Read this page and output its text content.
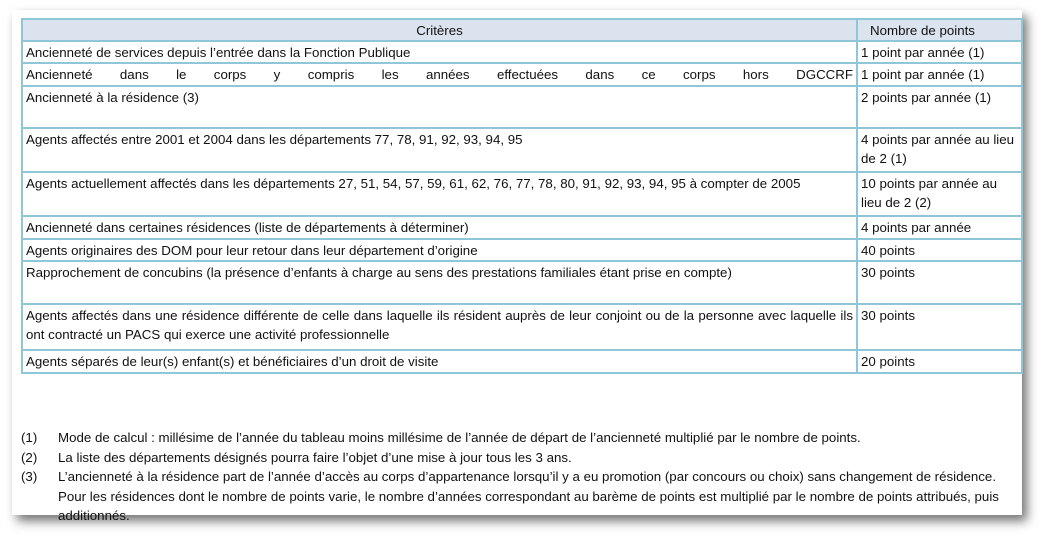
Critères	Nombre de points
Ancienneté de services depuis l’entrée dans la Fonction Publique	1 point par année (1)
Ancienneté dans le corps y compris les années effectuées dans ce corps hors DGCCRF	1 point par année (1)
Ancienneté à la résidence (3)	2 points par année (1)
Agents affectés entre 2001 et 2004 dans les départements 77, 78, 91, 92, 93, 94, 95	4 points par année au lieu de 2 (1)
Agents actuellement affectés dans les départements 27, 51, 54, 57, 59, 61, 62, 76, 77, 78, 80, 91, 92, 93, 94, 95 à compter de 2005	10 points par année au lieu de 2 (2)
Ancienneté dans certaines résidences (liste de départements à déterminer)	4 points par année
Agents originaires des DOM pour leur retour dans leur département d’origine	40 points
Rapprochement de concubins (la présence d’enfants à charge au sens des prestations familiales étant prise en compte)	30 points
Agents affectés dans une résidence différente de celle dans laquelle ils résident auprès de leur conjoint ou de la personne avec laquelle ils ont contracté un PACS qui exerce une activité professionnelle	30 points
Agents séparés de leur(s) enfant(s) et bénéficiaires d’un droit de visite	20 points
(1)	Mode de calcul : millésime de l’année du tableau moins millésime de l’année de départ de l’ancienneté multiplié par le nombre de points.
(2)	La liste des départements désignés pourra faire l’objet d’une mise à jour tous les 3 ans.
(3)	L’ancienneté à la résidence part de l’année d’accès au corps d’appartenance lorsqu’il y a eu promotion (par concours ou choix) sans changement de résidence. Pour les résidences dont le nombre de points varie, le nombre d’années correspondant au barème de points est multiplié par le nombre de points attribués, puis additionnés.
